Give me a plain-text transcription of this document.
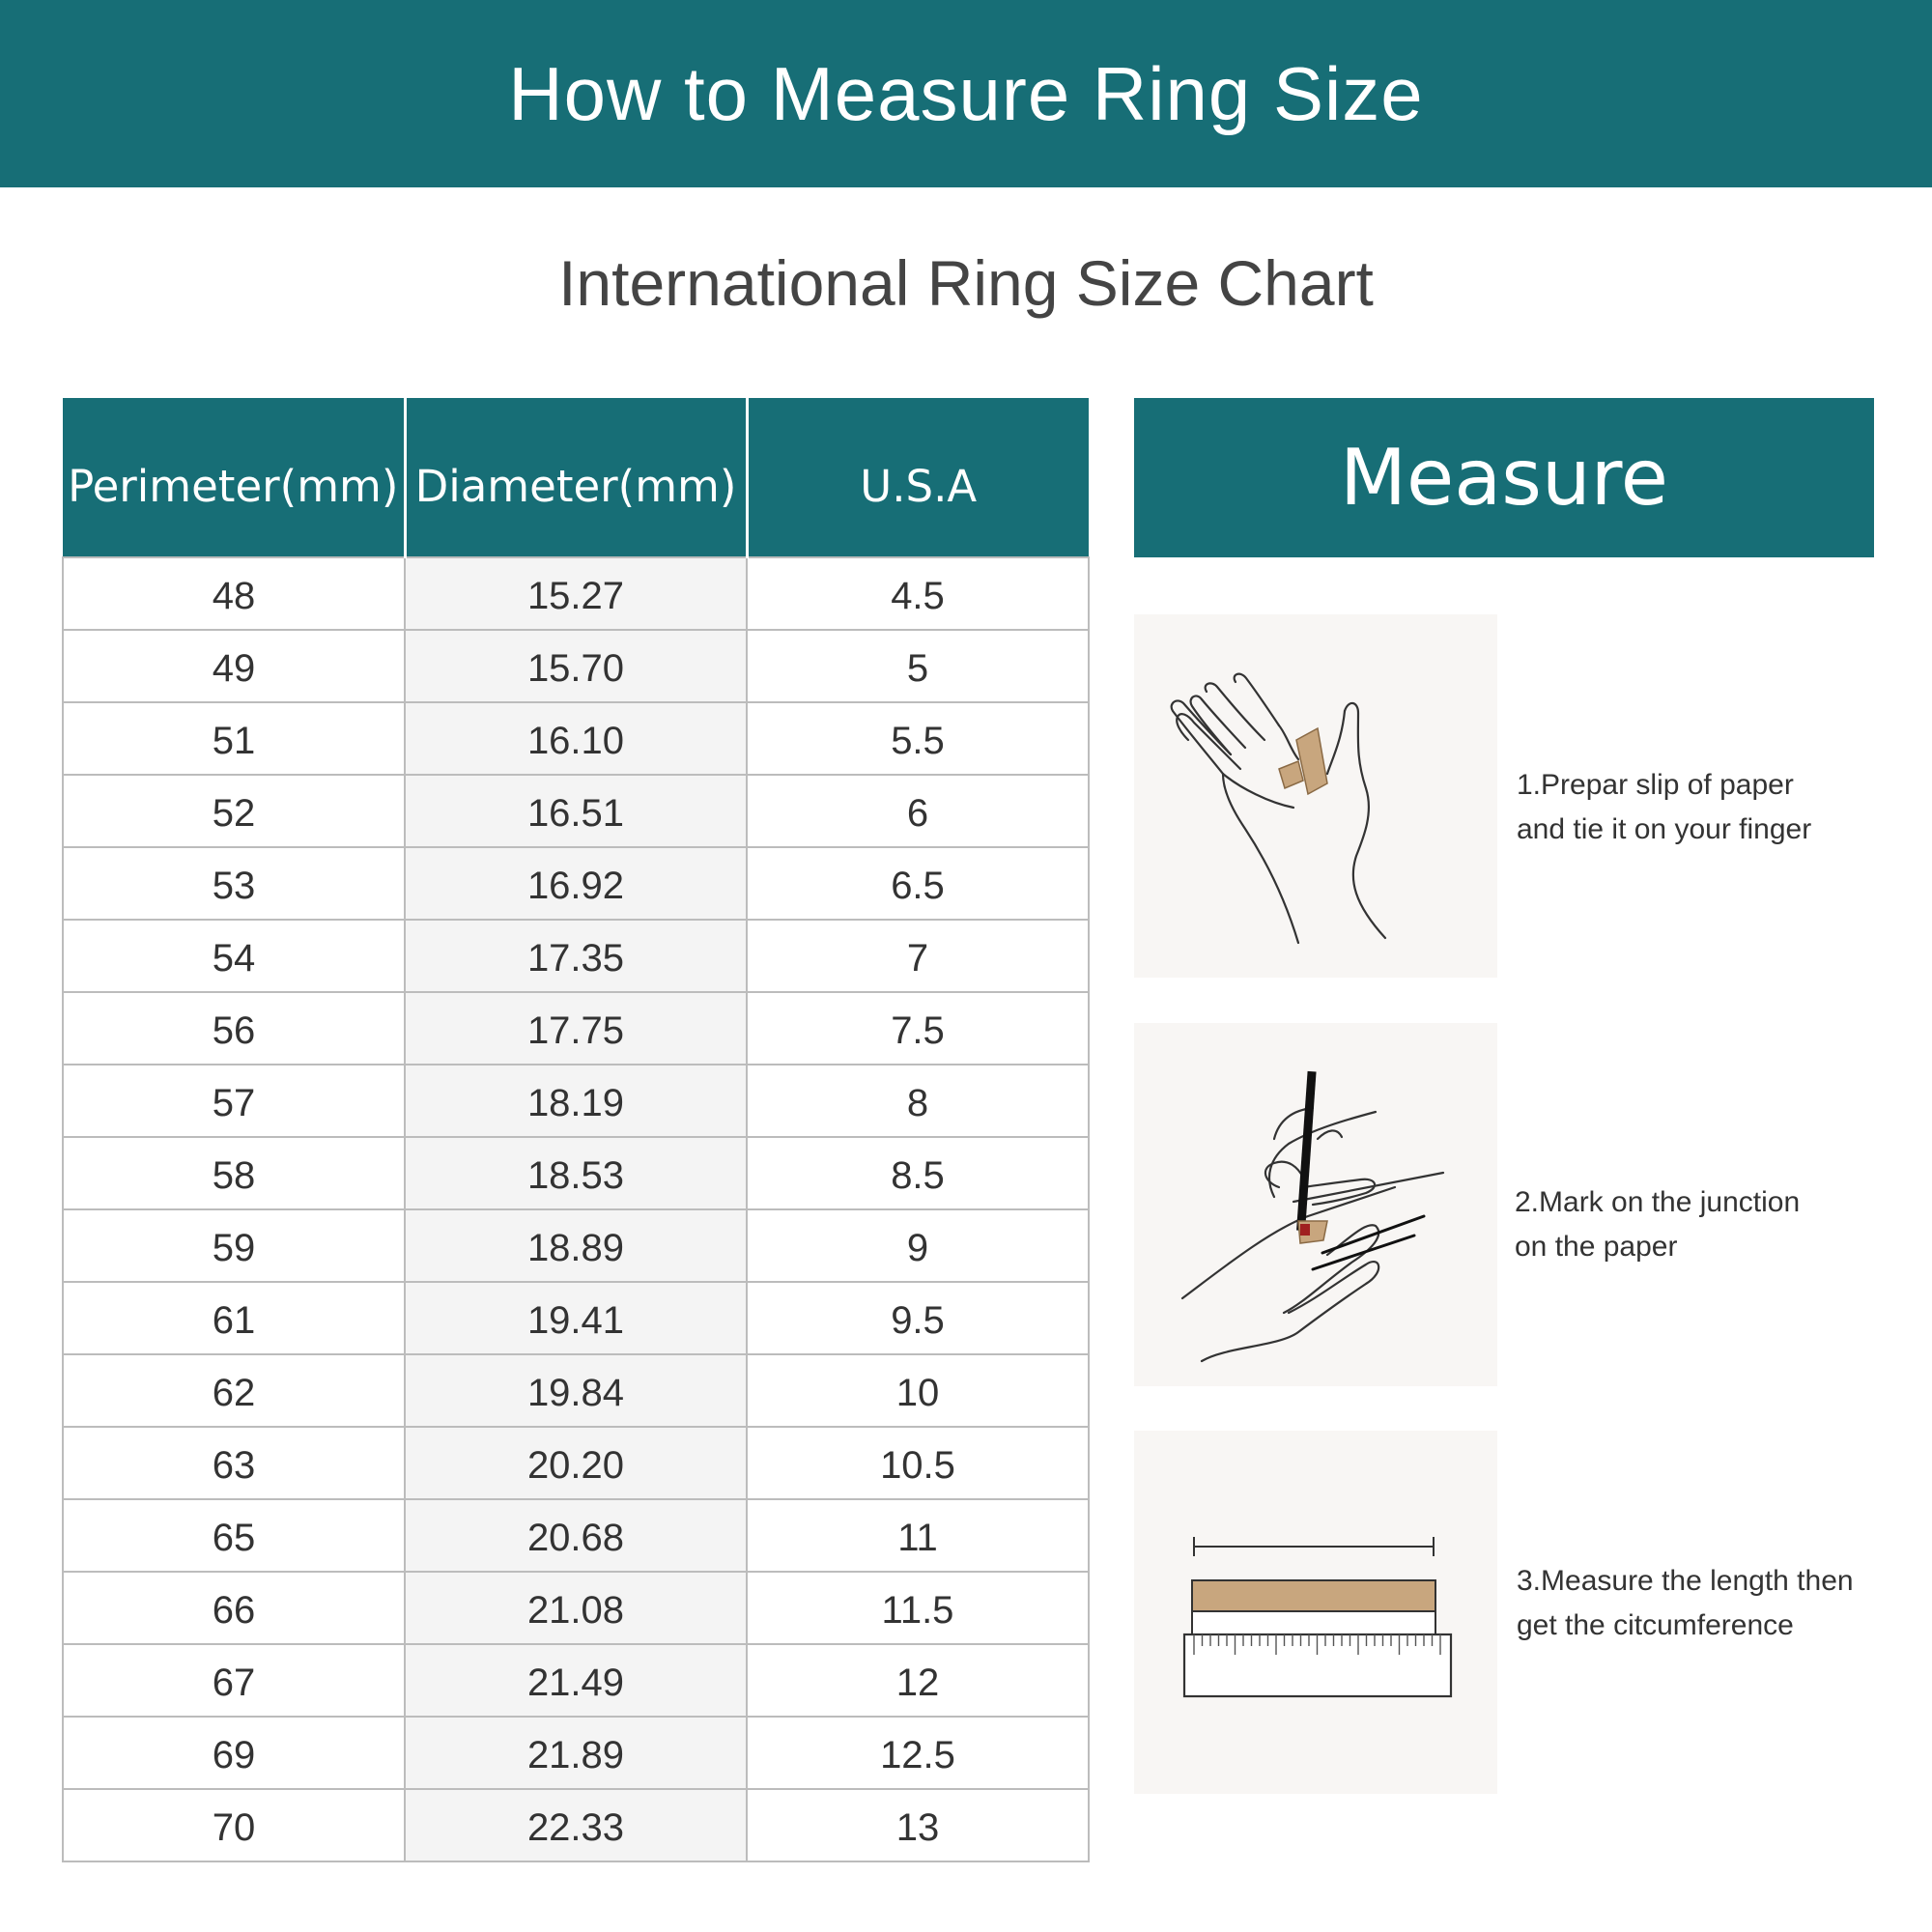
How to Measure Ring Size
International Ring Size Chart
Perimeter(mm)	Diameter(mm)	U.S.A
48	15.27	4.5
49	15.70	5
51	16.10	5.5
52	16.51	6
53	16.92	6.5
54	17.35	7
56	17.75	7.5
57	18.19	8
58	18.53	8.5
59	18.89	9
61	19.41	9.5
62	19.84	10
63	20.20	10.5
65	20.68	11
66	21.08	11.5
67	21.49	12
69	21.89	12.5
70	22.33	13
Measure
1.Prepar slip of paper
and tie it on your finger
2.Mark on the junction
on the paper
3.Measure the length then
get the citcumference
